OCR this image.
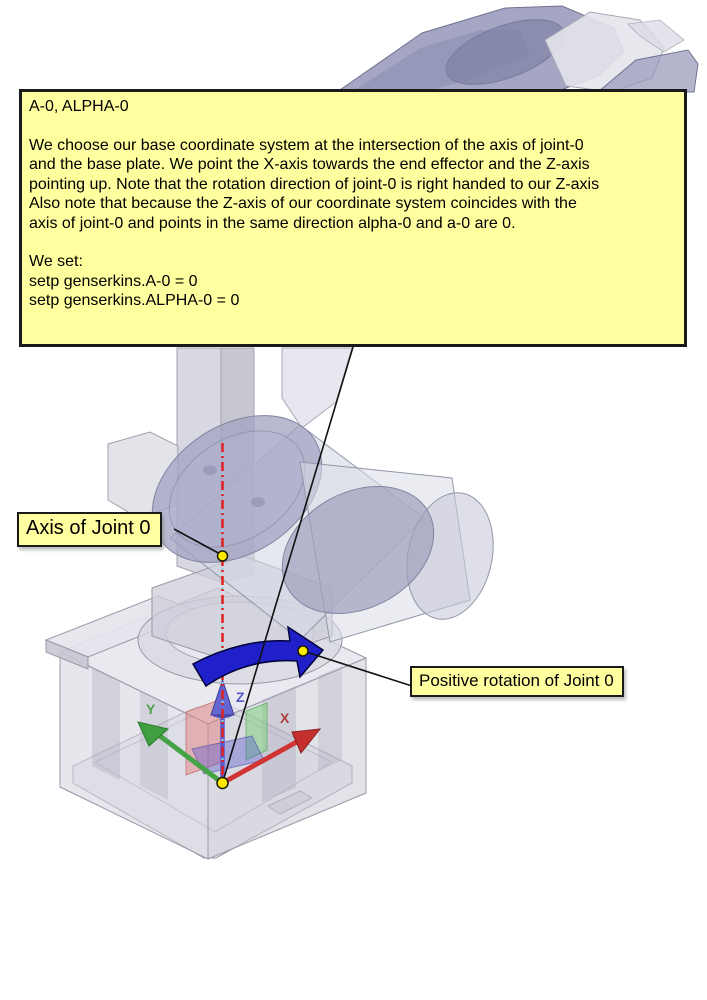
Z
X
Y
A-0, ALPHA-0
We choose our base coordinate system at the intersection of the axis of joint-0
and the base plate. We point the X-axis towards the end effector and the Z-axis
pointing up. Note that the rotation direction of joint-0 is right handed to our Z-axis
Also note that because the Z-axis of our coordinate system coincides with the
axis of joint-0 and points in the same direction alpha-0 and a-0 are 0.
We set:
setp genserkins.A-0 = 0
setp genserkins.ALPHA-0 = 0
Axis of Joint 0
Positive rotation of Joint 0
